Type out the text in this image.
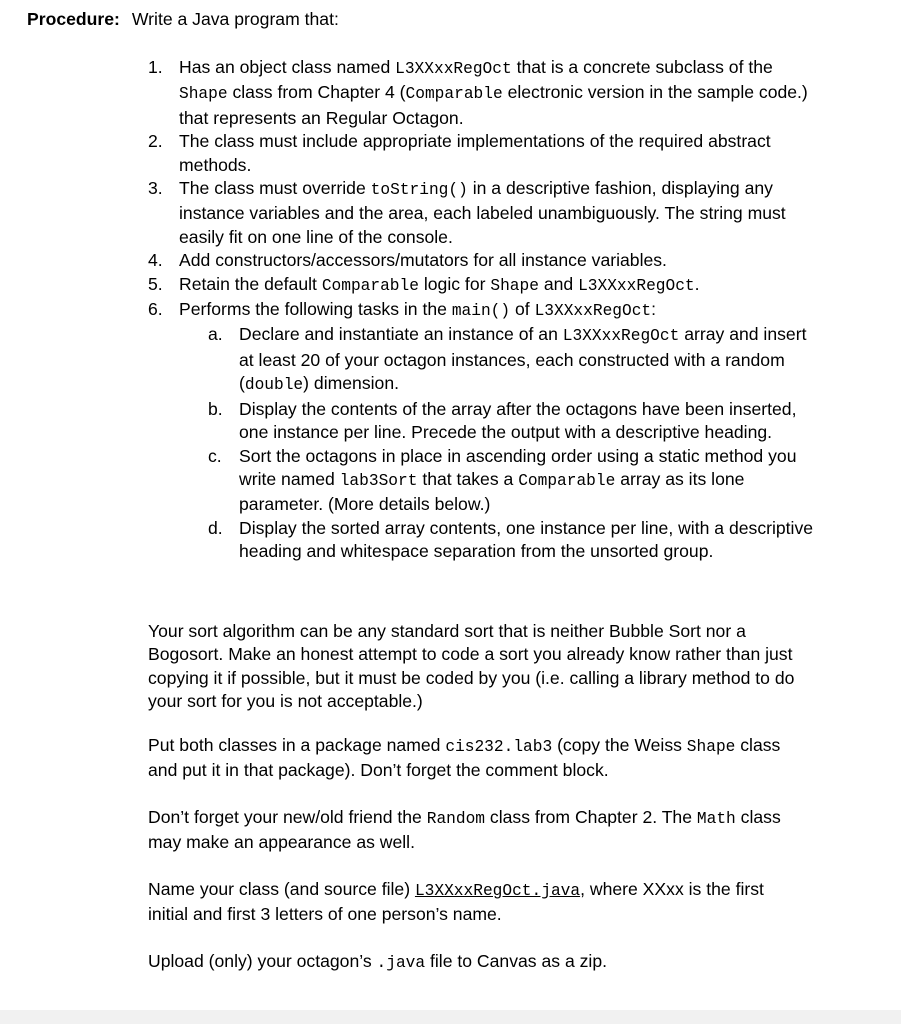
Procedure: Write a Java program that:
1. Has an object class named L3XXxxRegOct that is a concrete subclass of the Shape class from Chapter 4 (Comparable electronic version in the sample code.) that represents an Regular Octagon.
2. The class must include appropriate implementations of the required abstract methods.
3. The class must override toString() in a descriptive fashion, displaying any instance variables and the area, each labeled unambiguously. The string must easily fit on one line of the console.
4. Add constructors/accessors/mutators for all instance variables.
5. Retain the default Comparable logic for Shape and L3XXxxRegOct.
6. Performs the following tasks in the main() of L3XXxxRegOct:
a. Declare and instantiate an instance of an L3XXxxRegOct array and insert at least 20 of your octagon instances, each constructed with a random (double) dimension.
b. Display the contents of the array after the octagons have been inserted, one instance per line. Precede the output with a descriptive heading.
c. Sort the octagons in place in ascending order using a static method you write named lab3Sort that takes a Comparable array as its lone parameter. (More details below.)
d. Display the sorted array contents, one instance per line, with a descriptive heading and whitespace separation from the unsorted group.

Your sort algorithm can be any standard sort that is neither Bubble Sort nor a Bogosort. Make an honest attempt to code a sort you already know rather than just copying it if possible, but it must be coded by you (i.e. calling a library method to do your sort for you is not acceptable.)

Put both classes in a package named cis232.lab3 (copy the Weiss Shape class and put it in that package). Don’t forget the comment block.

Don’t forget your new/old friend the Random class from Chapter 2. The Math class may make an appearance as well.

Name your class (and source file) L3XXxxRegOct.java, where XXxx is the first initial and first 3 letters of one person’s name.

Upload (only) your octagon’s .java file to Canvas as a zip.
